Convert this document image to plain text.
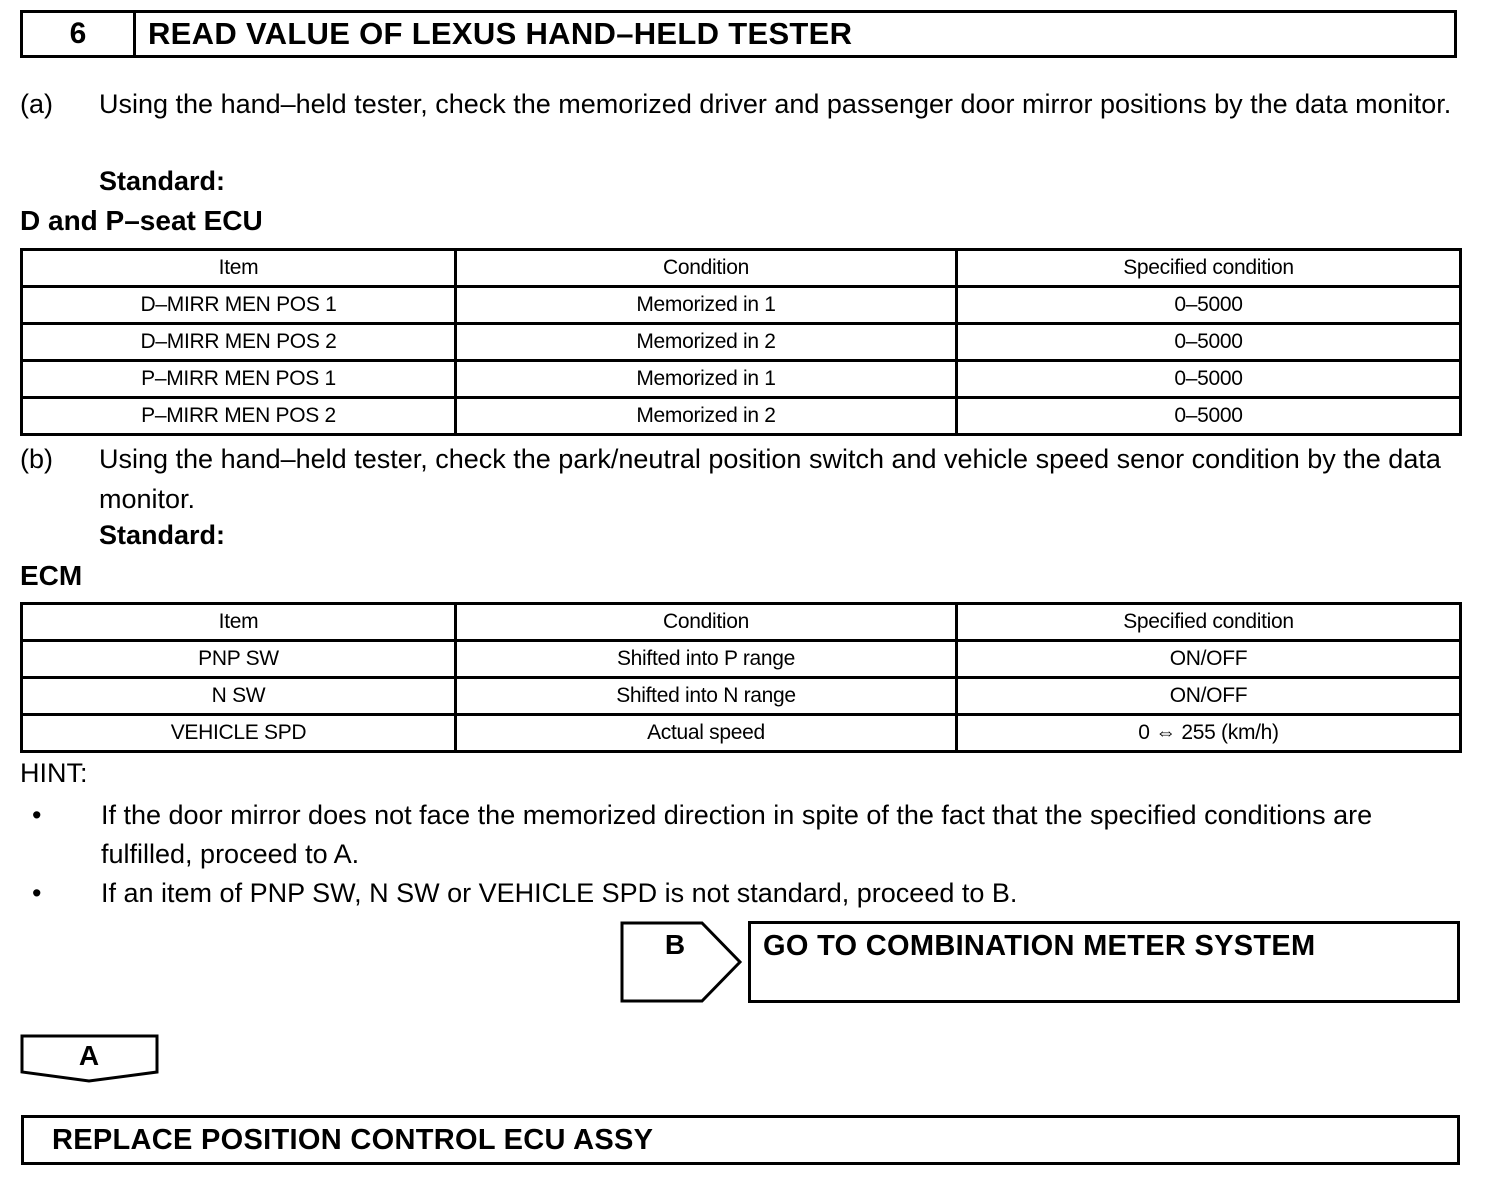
6	READ VALUE OF LEXUS HAND–HELD TESTER
(a) Using the hand–held tester, check the memorized driver and passenger door mirror positions by the data monitor.
Standard:
D and P–seat ECU
Item	Condition	Specified condition
D–MIRR MEN POS 1	Memorized in 1	0–5000
D–MIRR MEN POS 2	Memorized in 2	0–5000
P–MIRR MEN POS 1	Memorized in 1	0–5000
P–MIRR MEN POS 2	Memorized in 2	0–5000
(b) Using the hand–held tester, check the park/neutral position switch and vehicle speed senor condition by the data monitor.
Standard:
ECM
Item	Condition	Specified condition
PNP SW	Shifted into P range	ON/OFF
N SW	Shifted into N range	ON/OFF
VEHICLE SPD	Actual speed	0 ⇔ 255 (km/h)
HINT:
• If the door mirror does not face the memorized direction in spite of the fact that the specified conditions are fulfilled, proceed to A.
• If an item of PNP SW, N SW or VEHICLE SPD is not standard, proceed to B.
B	GO TO COMBINATION METER SYSTEM
A
REPLACE POSITION CONTROL ECU ASSY
